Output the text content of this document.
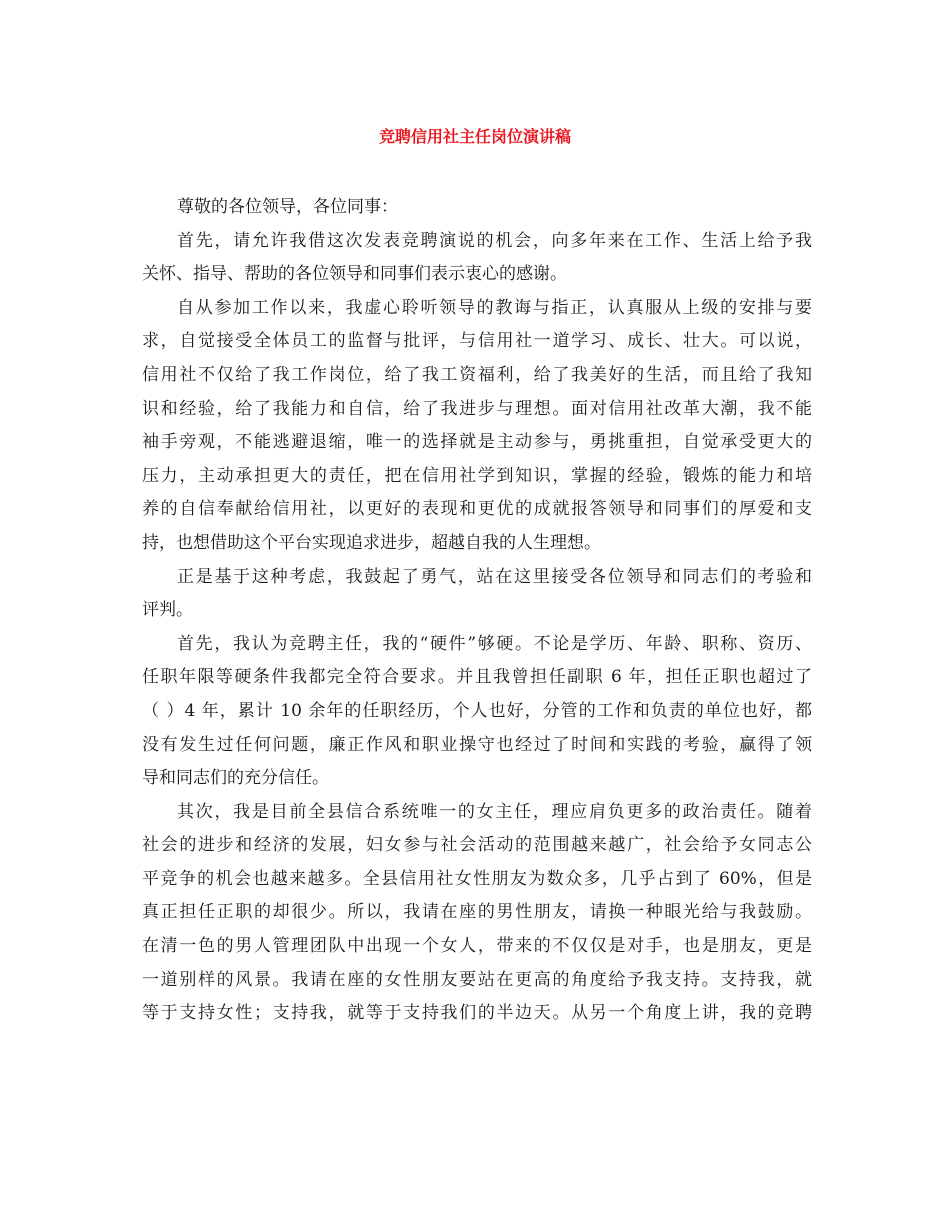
竞聘信用社主任岗位演讲稿
尊敬的各位领导，各位同事：
首先，请允许我借这次发表竞聘演说的机会，向多年来在工作、生活上给予我
关怀、指导、帮助的各位领导和同事们表示衷心的感谢。
自从参加工作以来，我虚心聆听领导的教诲与指正，认真服从上级的安排与要
求，自觉接受全体员工的监督与批评，与信用社一道学习、成长、壮大。可以说，
信用社不仅给了我工作岗位，给了我工资福利，给了我美好的生活，而且给了我知
识和经验，给了我能力和自信，给了我进步与理想。面对信用社改革大潮，我不能
袖手旁观，不能逃避退缩，唯一的选择就是主动参与，勇挑重担，自觉承受更大的
压力，主动承担更大的责任，把在信用社学到知识，掌握的经验，锻炼的能力和培
养的自信奉献给信用社，以更好的表现和更优的成就报答领导和同事们的厚爱和支
持，也想借助这个平台实现追求进步，超越自我的人生理想。
正是基于这种考虑，我鼓起了勇气，站在这里接受各位领导和同志们的考验和
评判。
首先，我认为竞聘主任，我的“硬件”够硬。不论是学历、年龄、职称、资历、
任职年限等硬条件我都完全符合要求。并且我曾担任副职 6 年，担任正职也超过了
（ ）4 年，累计 10 余年的任职经历，个人也好，分管的工作和负责的单位也好，都
没有发生过任何问题，廉正作风和职业操守也经过了时间和实践的考验，赢得了领
导和同志们的充分信任。
其次，我是目前全县信合系统唯一的女主任，理应肩负更多的政治责任。随着
社会的进步和经济的发展，妇女参与社会活动的范围越来越广，社会给予女同志公
平竞争的机会也越来越多。全县信用社女性朋友为数众多，几乎占到了 60%，但是
真正担任正职的却很少。所以，我请在座的男性朋友，请换一种眼光给与我鼓励。
在清一色的男人管理团队中出现一个女人，带来的不仅仅是对手，也是朋友，更是
一道别样的风景。我请在座的女性朋友要站在更高的角度给予我支持。支持我，就
等于支持女性；支持我，就等于支持我们的半边天。从另一个角度上讲，我的竞聘
